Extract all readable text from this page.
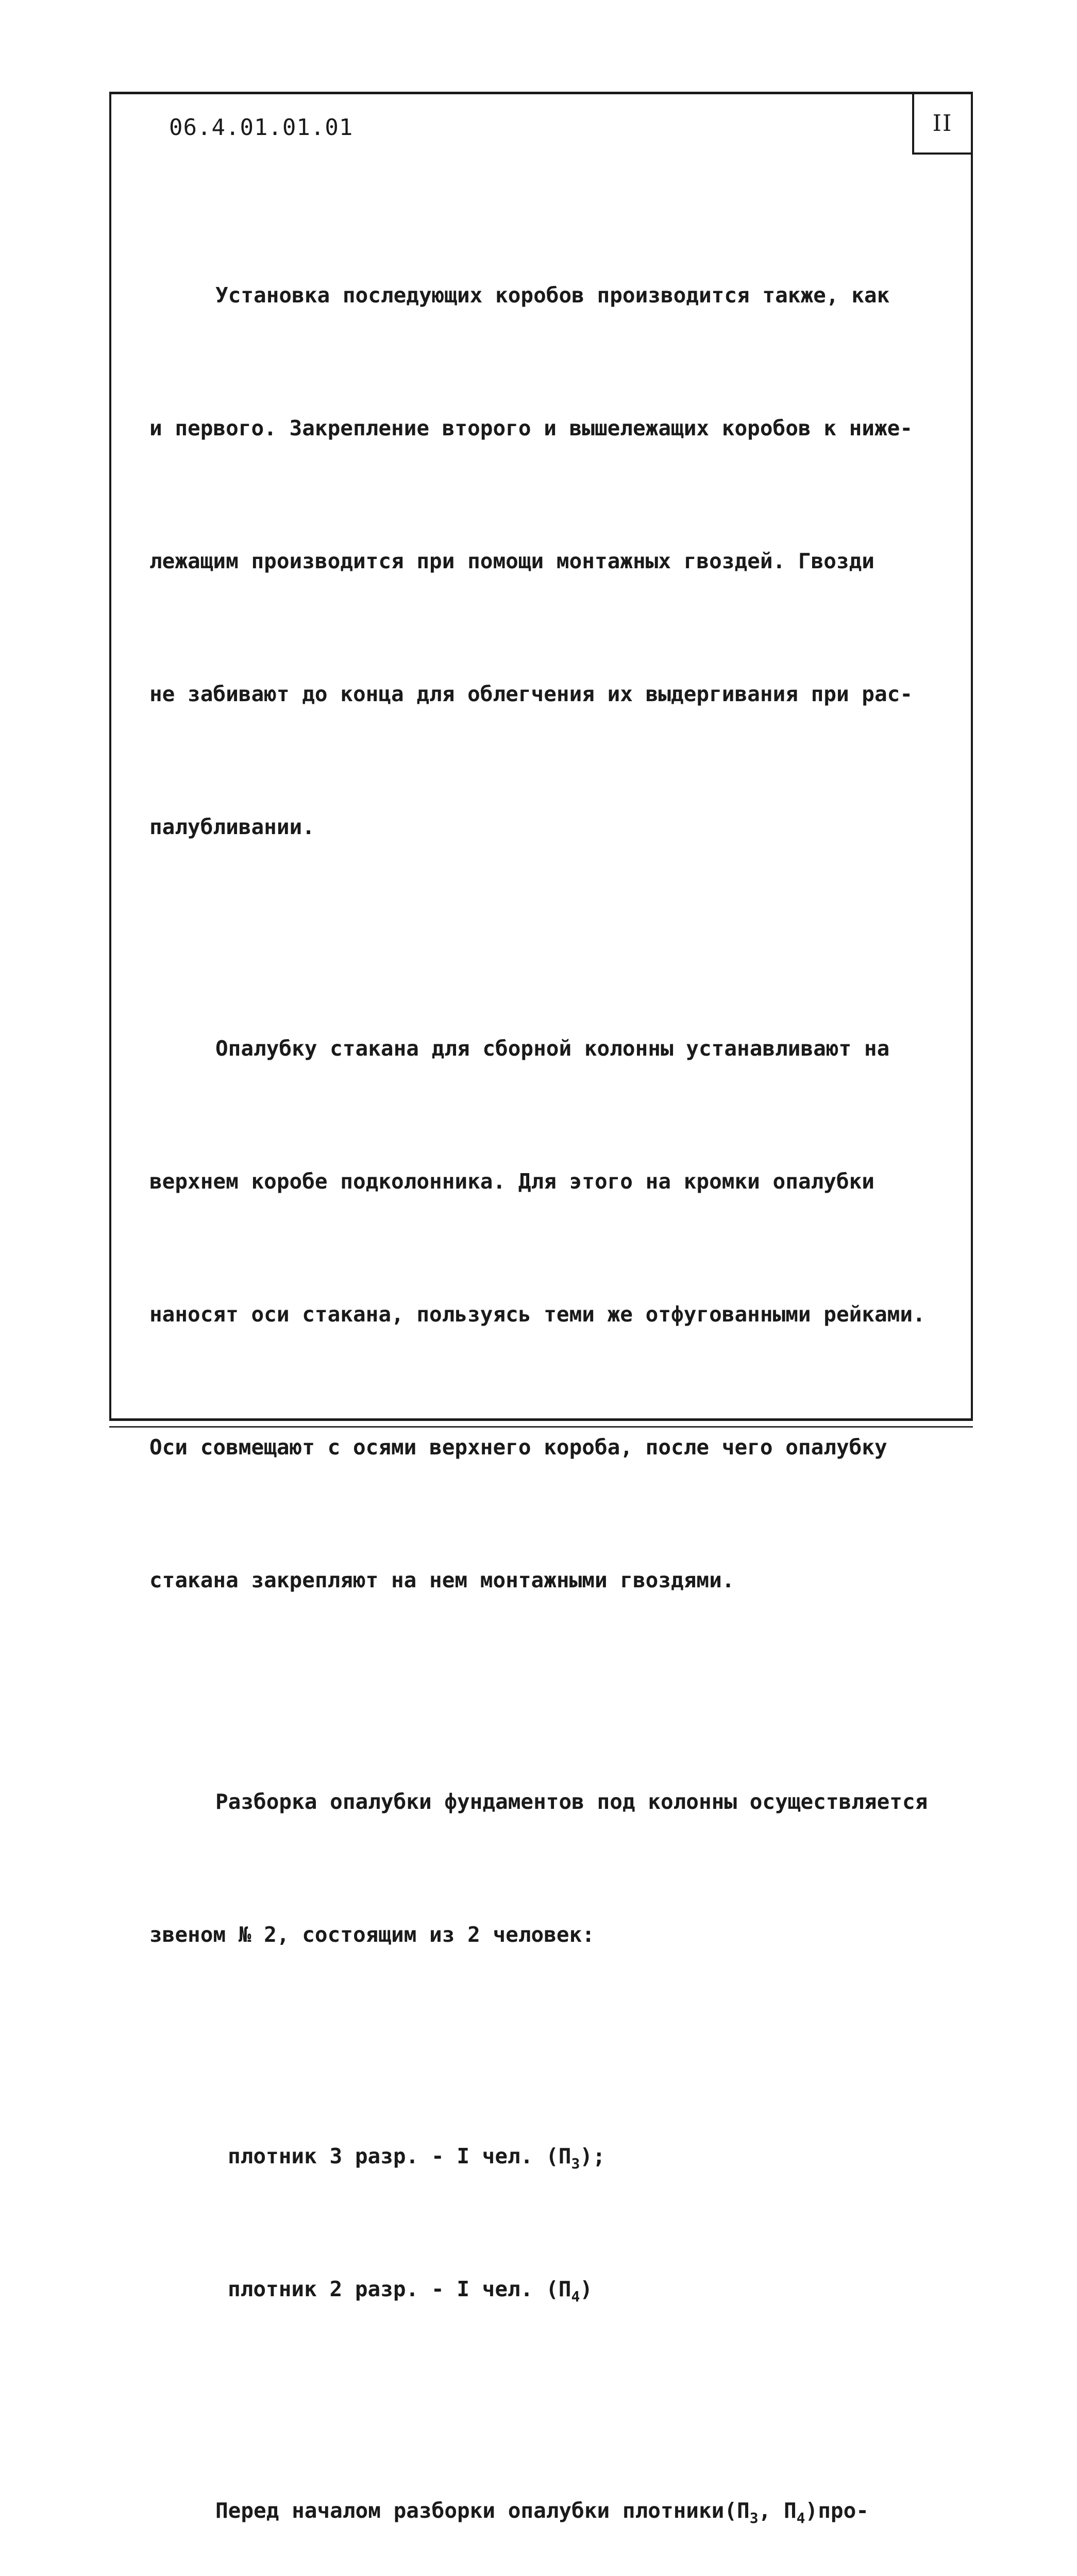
II
06.4.01.01.01

Установка последующих коробов производится также, как

и первого. Закрепление второго и вышележащих коробов к ниже-

лежащим производится при помощи монтажных гвоздей. Гвозди

не забивают до конца для облегчения их выдергивания при рас-

палубливании.

Опалубку стакана для сборной колонны устанавливают на

верхнем коробе подколонника. Для этого на кромки опалубки

наносят оси стакана, пользуясь теми же отфугованными рейками.

Оси совмещают с осями верхнего короба, после чего опалубку

стакана закрепляют на нем монтажными гвоздями.

Разборка опалубки фундаментов под колонны осуществляется

звеном № 2, состоящим из 2 человек:

плотник 3 разр. - I чел. $(П_3)$;

плотник 2 разр. - I чел. $(П_4)$

Перед началом разборки опалубки $плотники(П_3$, $П_4)про-$
